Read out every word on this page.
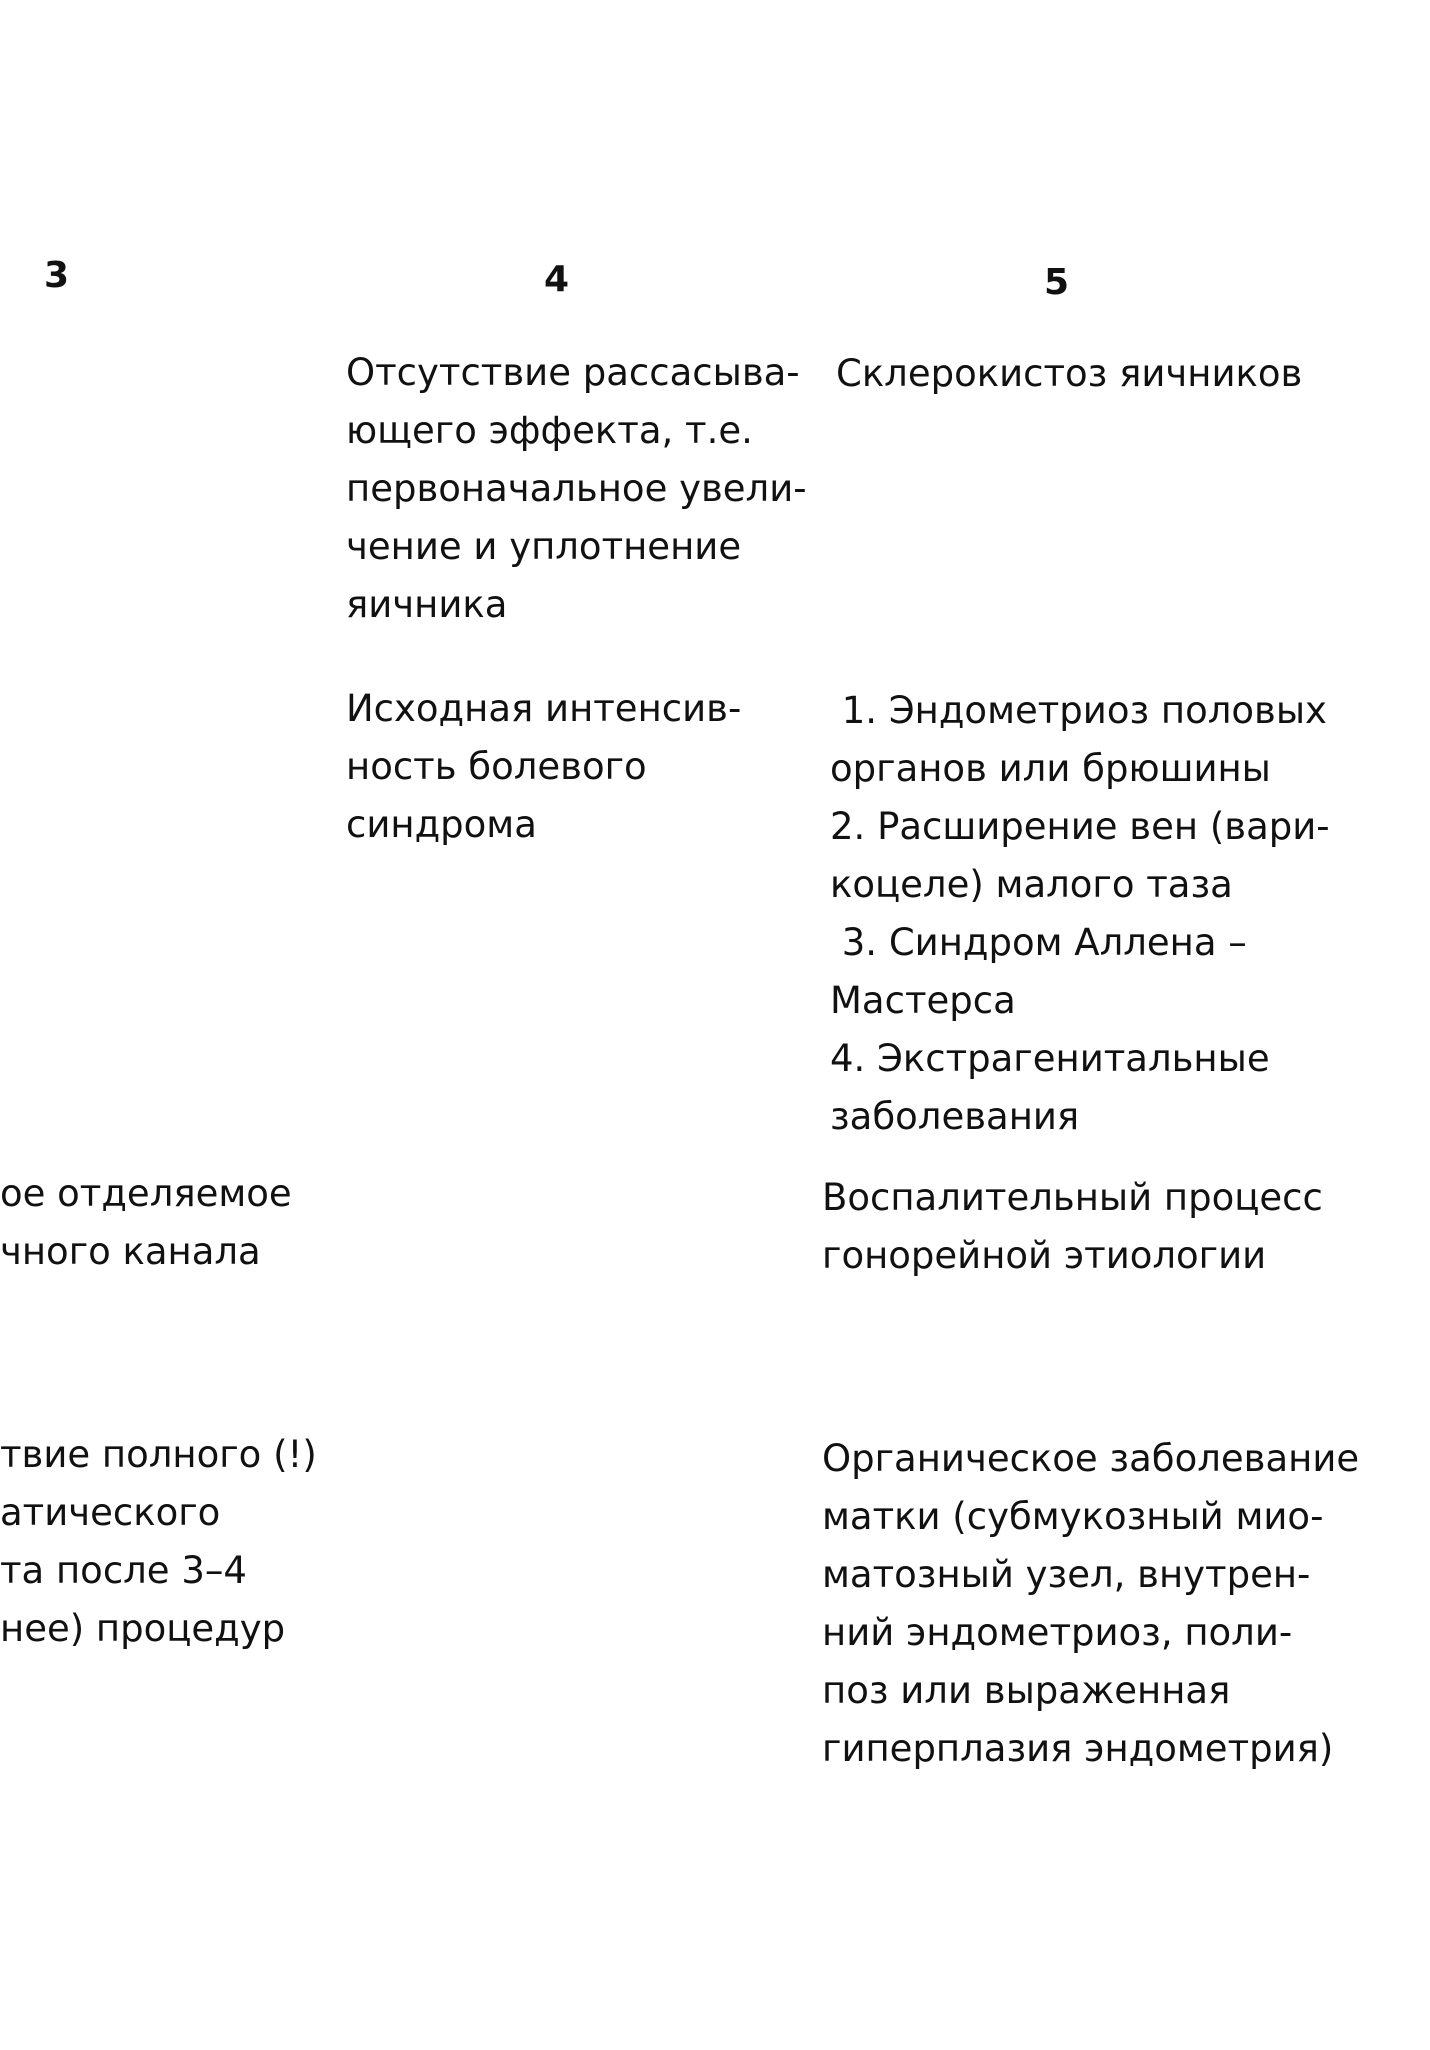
3	4	5
Отсутствие рассасыва-
ющего эффекта, т.е.
первоначальное увели-
чение и уплотнение
яичника
Склерокистоз яичников
Исходная интенсив-
ность болевого
синдрома
1. Эндометриоз половых
органов или брюшины
2. Расширение вен (вари-
коцеле) малого таза
3. Синдром Аллена –
Мастерса
4. Экстрагенитальные
заболевания
ое отделяемое
чного канала
Воспалительный процесс
гонорейной этиологии
твие полного (!)
атического
та после 3–4
нее) процедур
Органическое заболевание
матки (субмукозный мио-
матозный узел, внутрен-
ний эндометриоз, поли-
поз или выраженная
гиперплазия эндометрия)
